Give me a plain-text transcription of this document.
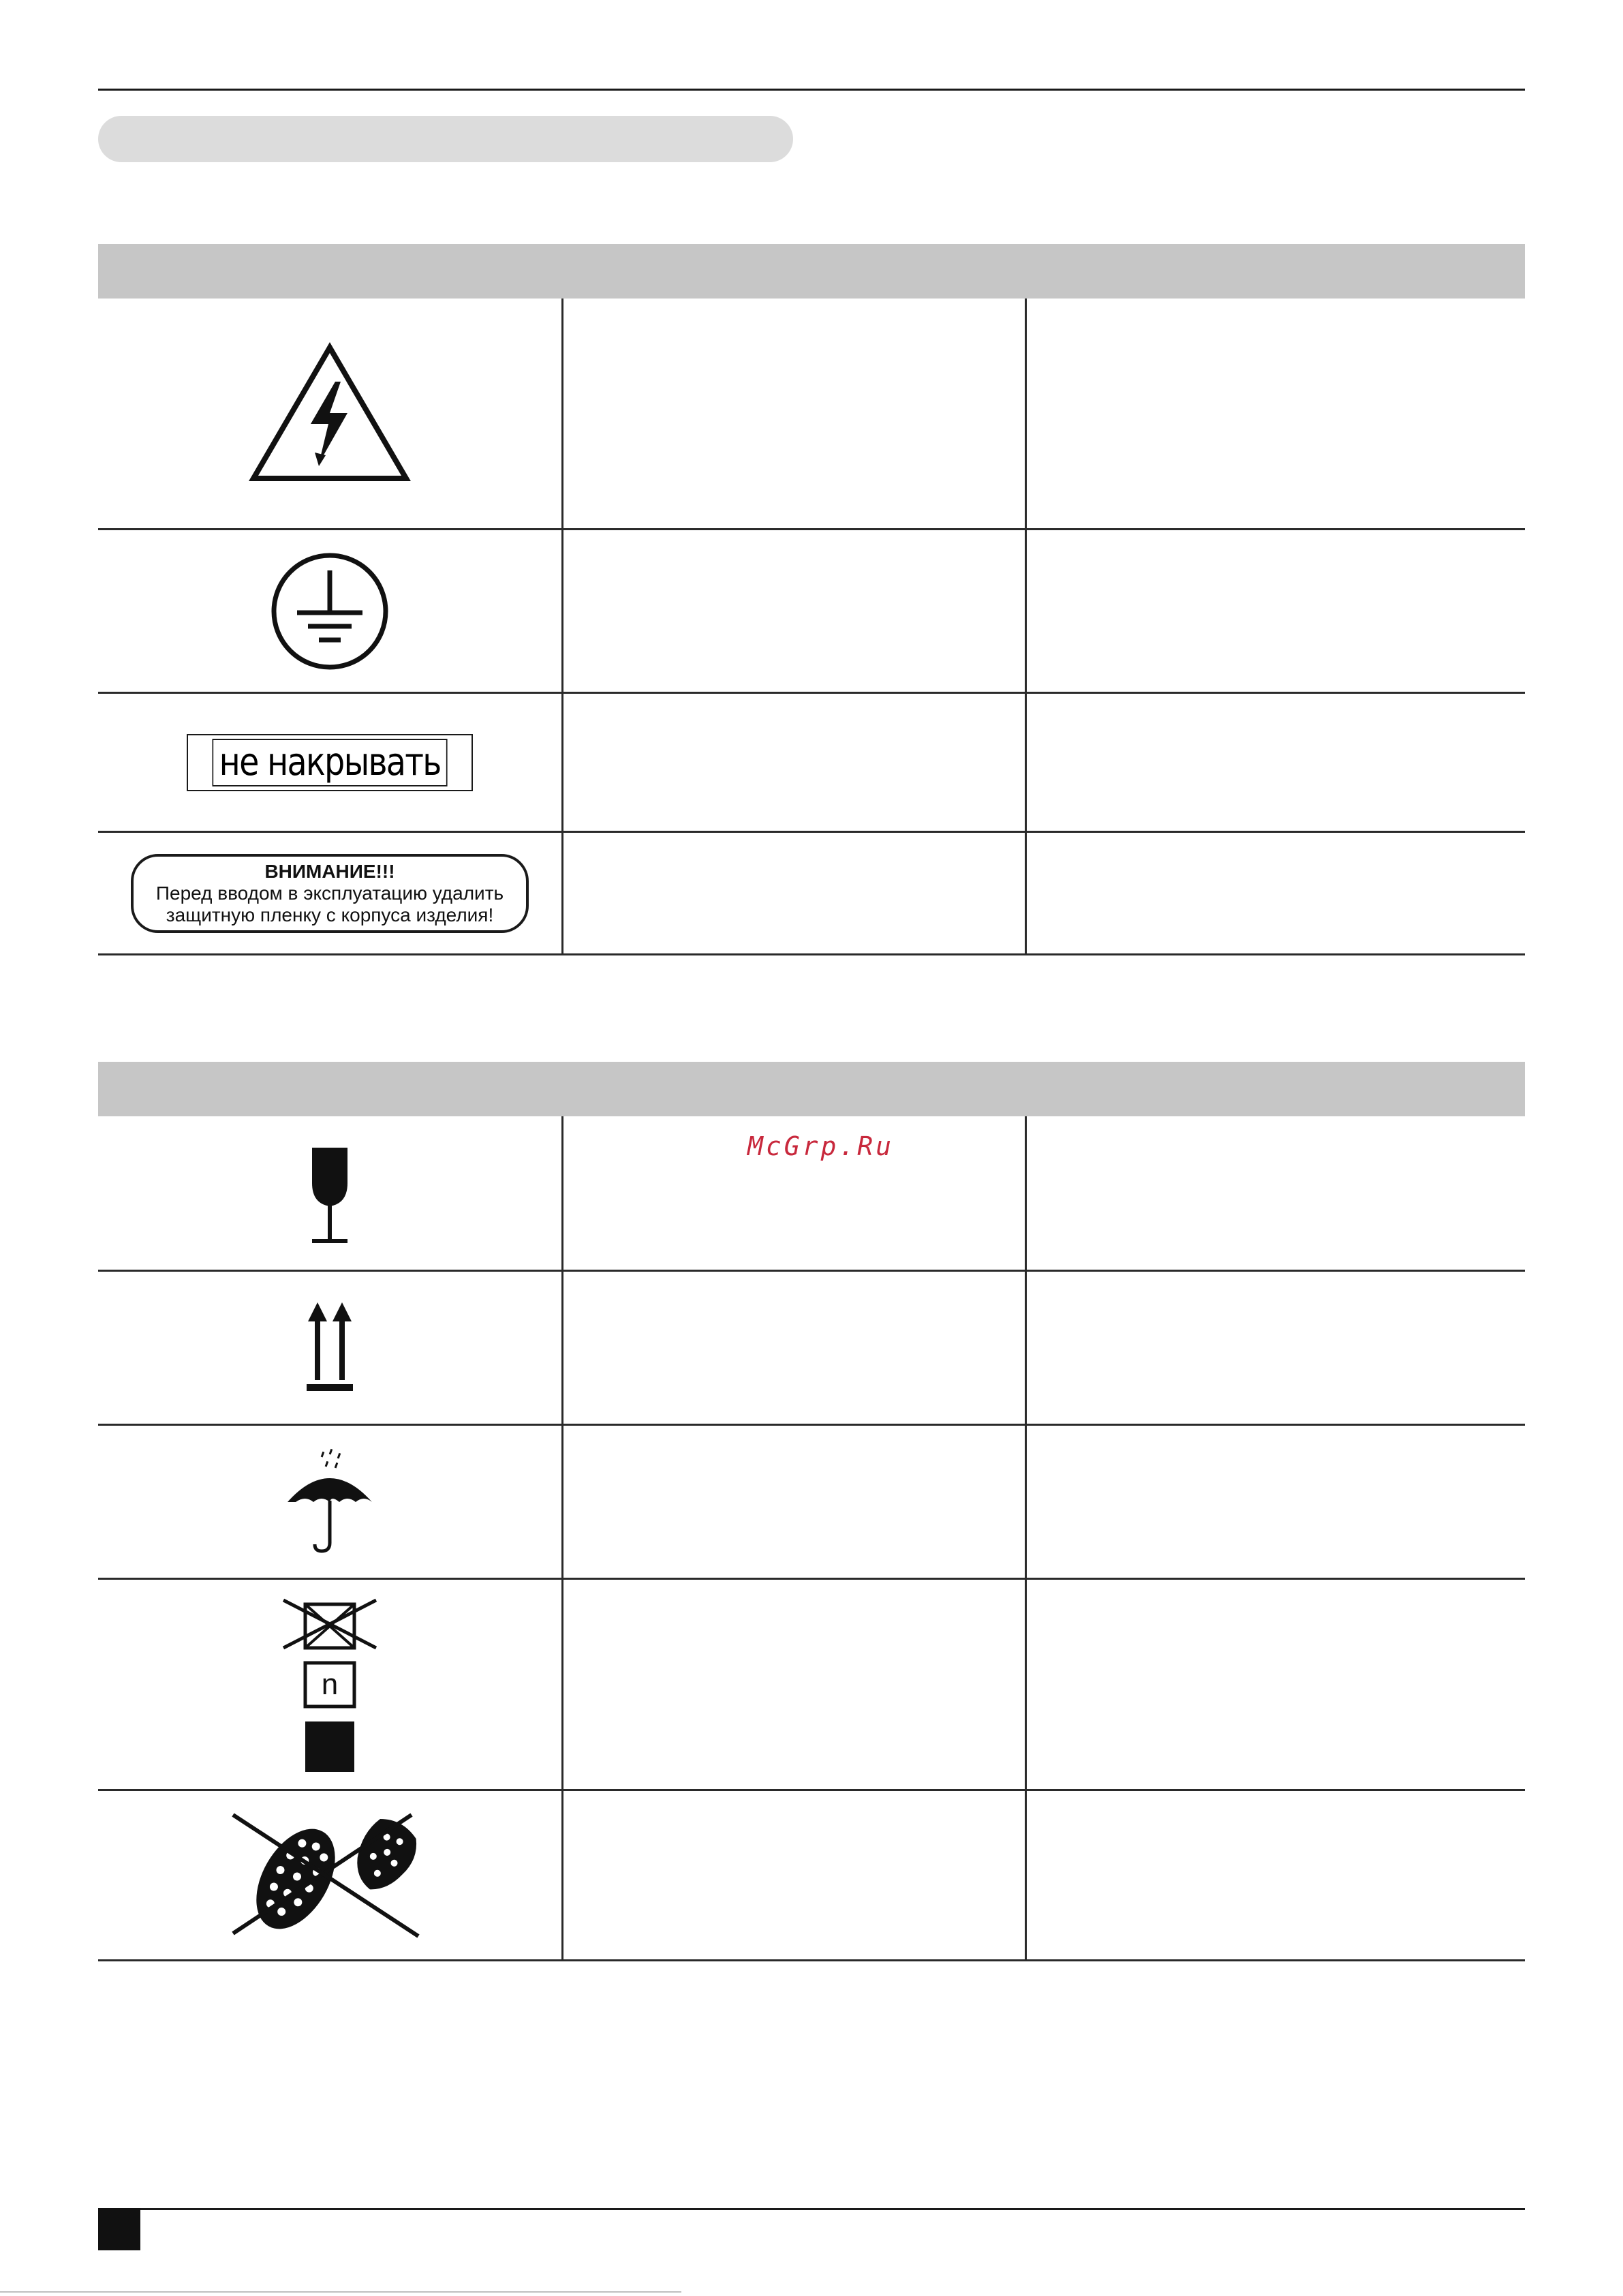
не накрывать
ВНИМАНИЕ!!!
Перед вводом в эксплуатацию удалить
защитную пленку с корпуса изделия!
n
McGrp.Ru
